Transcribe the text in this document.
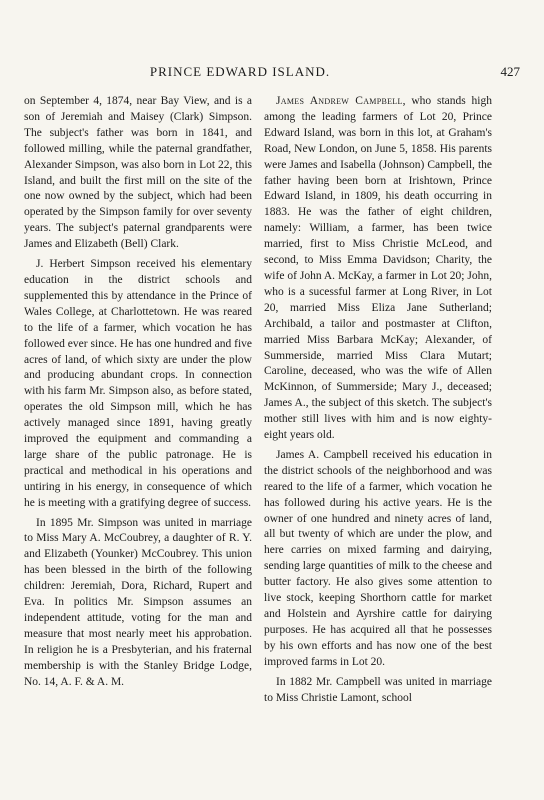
PRINCE EDWARD ISLAND.	427

on September 4, 1874, near Bay View, and is a son of Jeremiah and Maisey (Clark) Simpson. The subject's father was born in 1841, and followed milling, while the paternal grandfather, Alexander Simpson, was also born in Lot 22, this Island, and built the first mill on the site of the one now owned by the subject, which had been operated by the Simpson family for over seventy years. The subject's paternal grandparents were James and Elizabeth (Bell) Clark.

J. Herbert Simpson received his elementary education in the district schools and supplemented this by attendance in the Prince of Wales College, at Charlottetown. He was reared to the life of a farmer, which vocation he has followed ever since. He has one hundred and five acres of land, of which sixty are under the plow and producing abundant crops. In connection with his farm Mr. Simpson also, as before stated, operates the old Simpson mill, which he has actively managed since 1891, having greatly improved the equipment and commanding a large share of the public patronage. He is practical and methodical in his operations and untiring in his energy, in consequence of which he is meeting with a gratifying degree of success.

In 1895 Mr. Simpson was united in marriage to Miss Mary A. McCoubrey, a daughter of R. Y. and Elizabeth (Younker) McCoubrey. This union has been blessed in the birth of the following children: Jeremiah, Dora, Richard, Rupert and Eva. In politics Mr. Simpson assumes an independent attitude, voting for the man and measure that most nearly meet his approbation. In religion he is a Presbyterian, and his fraternal membership is with the Stanley Bridge Lodge, No. 14, A. F. & A. M.

James Andrew Campbell, who stands high among the leading farmers of Lot 20, Prince Edward Island, was born in this lot, at Graham's Road, New London, on June 5, 1858. His parents were James and Isabella (Johnson) Campbell, the father having been born at Irishtown, Prince Edward Island, in 1809, his death occurring in 1883. He was the father of eight children, namely: William, a farmer, has been twice married, first to Miss Christie McLeod, and second, to Miss Emma Davidson; Charity, the wife of John A. McKay, a farmer in Lot 20; John, who is a sucessful farmer at Long River, in Lot 20, married Miss Eliza Jane Sutherland; Archibald, a tailor and postmaster at Clifton, married Miss Barbara McKay; Alexander, of Summerside, married Miss Clara Mutart; Caroline, deceased, who was the wife of Allen McKinnon, of Summerside; Mary J., deceased; James A., the subject of this sketch. The subject's mother still lives with him and is now eighty-eight years old.

James A. Campbell received his education in the district schools of the neighborhood and was reared to the life of a farmer, which vocation he has followed during his active years. He is the owner of one hundred and ninety acres of land, all but twenty of which are under the plow, and here carries on mixed farming and dairying, sending large quantities of milk to the cheese and butter factory. He also gives some attention to live stock, keeping Shorthorn cattle for market and Holstein and Ayrshire cattle for dairying purposes. He has acquired all that he possesses by his own efforts and has now one of the best improved farms in Lot 20.

In 1882 Mr. Campbell was united in marriage to Miss Christie Lamont, school
